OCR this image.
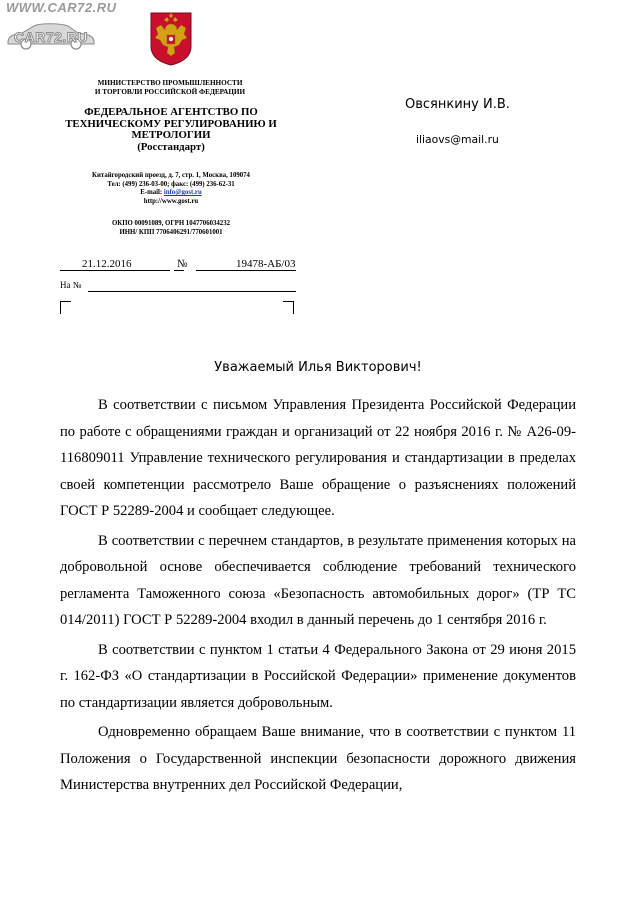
WWW.CAR72.RU
CAR72.RU
МИНИСТЕРСТВО ПРОМЫШЛЕННОСТИ
И ТОРГОВЛИ РОССИЙСКОЙ ФЕДЕРАЦИИ
ФЕДЕРАЛЬНОЕ АГЕНТСТВО ПО
ТЕХНИЧЕСКОМУ РЕГУЛИРОВАНИЮ И
МЕТРОЛОГИИ
(Росстандарт)
Китайгородский проезд, д. 7, стр. 1, Москва, 109074
Тел: (499) 236-03-00; факс: (499) 236-62-31
E-mail: info@gost.ru
http://www.gost.ru
ОКПО 00091089, ОГРН 1047706034232
ИНН/ КПП 7706406291/770601001
21.12.2016	№	19478-АБ/03
На №
Овсянкину И.В.
iliaovs@mail.ru
Уважаемый Илья Викторович!

В соответствии с письмом Управления Президента Российской Федерации по работе с обращениями граждан и организаций от 22 ноября 2016 г. № А26-09-116809011 Управление технического регулирования и стандартизации в пределах своей компетенции рассмотрело Ваше обращение о разъяснениях положений ГОСТ Р 52289-2004 и сообщает следующее.

В соответствии с перечнем стандартов, в результате применения которых на добровольной основе обеспечивается соблюдение требований технического регламента Таможенного союза «Безопасность автомобильных дорог» (ТР ТС 014/2011) ГОСТ Р 52289-2004 входил в данный перечень до 1 сентября 2016 г.

В соответствии с пунктом 1 статьи 4 Федерального Закона от 29 июня 2015 г. 162-ФЗ «О стандартизации в Российской Федерации» применение документов по стандартизации является добровольным.

Одновременно обращаем Ваше внимание, что в соответствии с пунктом 11 Положения о Государственной инспекции безопасности дорожного движения Министерства внутренних дел Российской Федерации,
